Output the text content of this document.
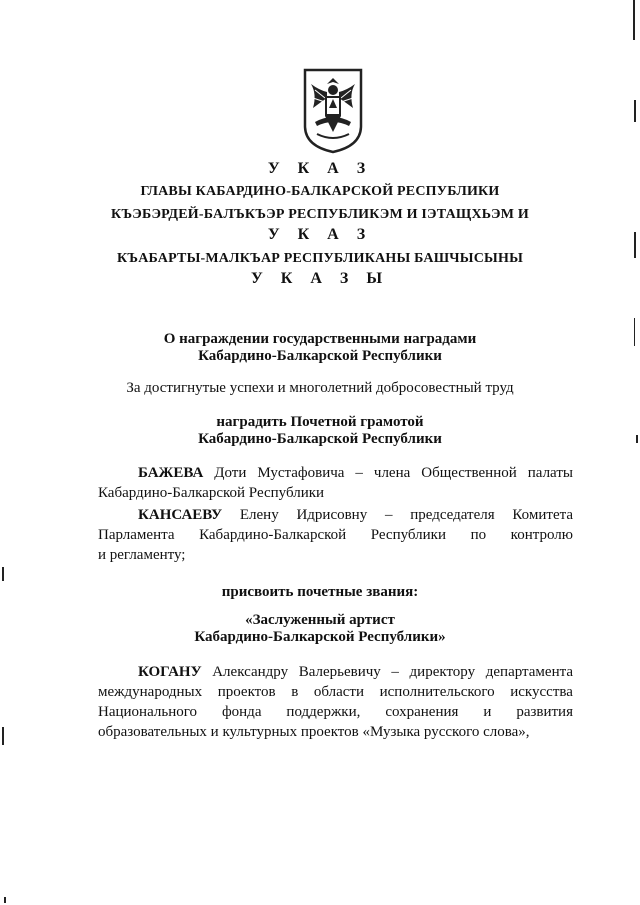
У К А З
ГЛАВЫ КАБАРДИНО-БАЛКАРСКОЙ РЕСПУБЛИКИ
КЪЭБЭРДЕЙ-БАЛЪКЪЭР РЕСПУБЛИКЭМ И ІЭТАЩХЬЭМ И
У К А З
КЪАБАРТЫ-МАЛКЪАР РЕСПУБЛИКАНЫ БАШЧЫСЫНЫ
У К А З Ы
О награждении государственными наградами
Кабардино-Балкарской Республики
За достигнутые успехи и многолетний добросовестный труд
наградить Почетной грамотой
Кабардино-Балкарской Республики
БАЖЕВА Доти Мустафовича – члена Общественной палаты
Кабардино-Балкарской Республики
КАНСАЕВУ Елену Идрисовну – председателя Комитета
Парламента Кабардино-Балкарской Республики по контролю
и регламенту;
присвоить почетные звания:
«Заслуженный артист
Кабардино-Балкарской Республики»
КОГАНУ Александру Валерьевичу – директору департамента
международных проектов в области исполнительского искусства
Национального фонда поддержки, сохранения и развития
образовательных и культурных проектов «Музыка русского слова»,
